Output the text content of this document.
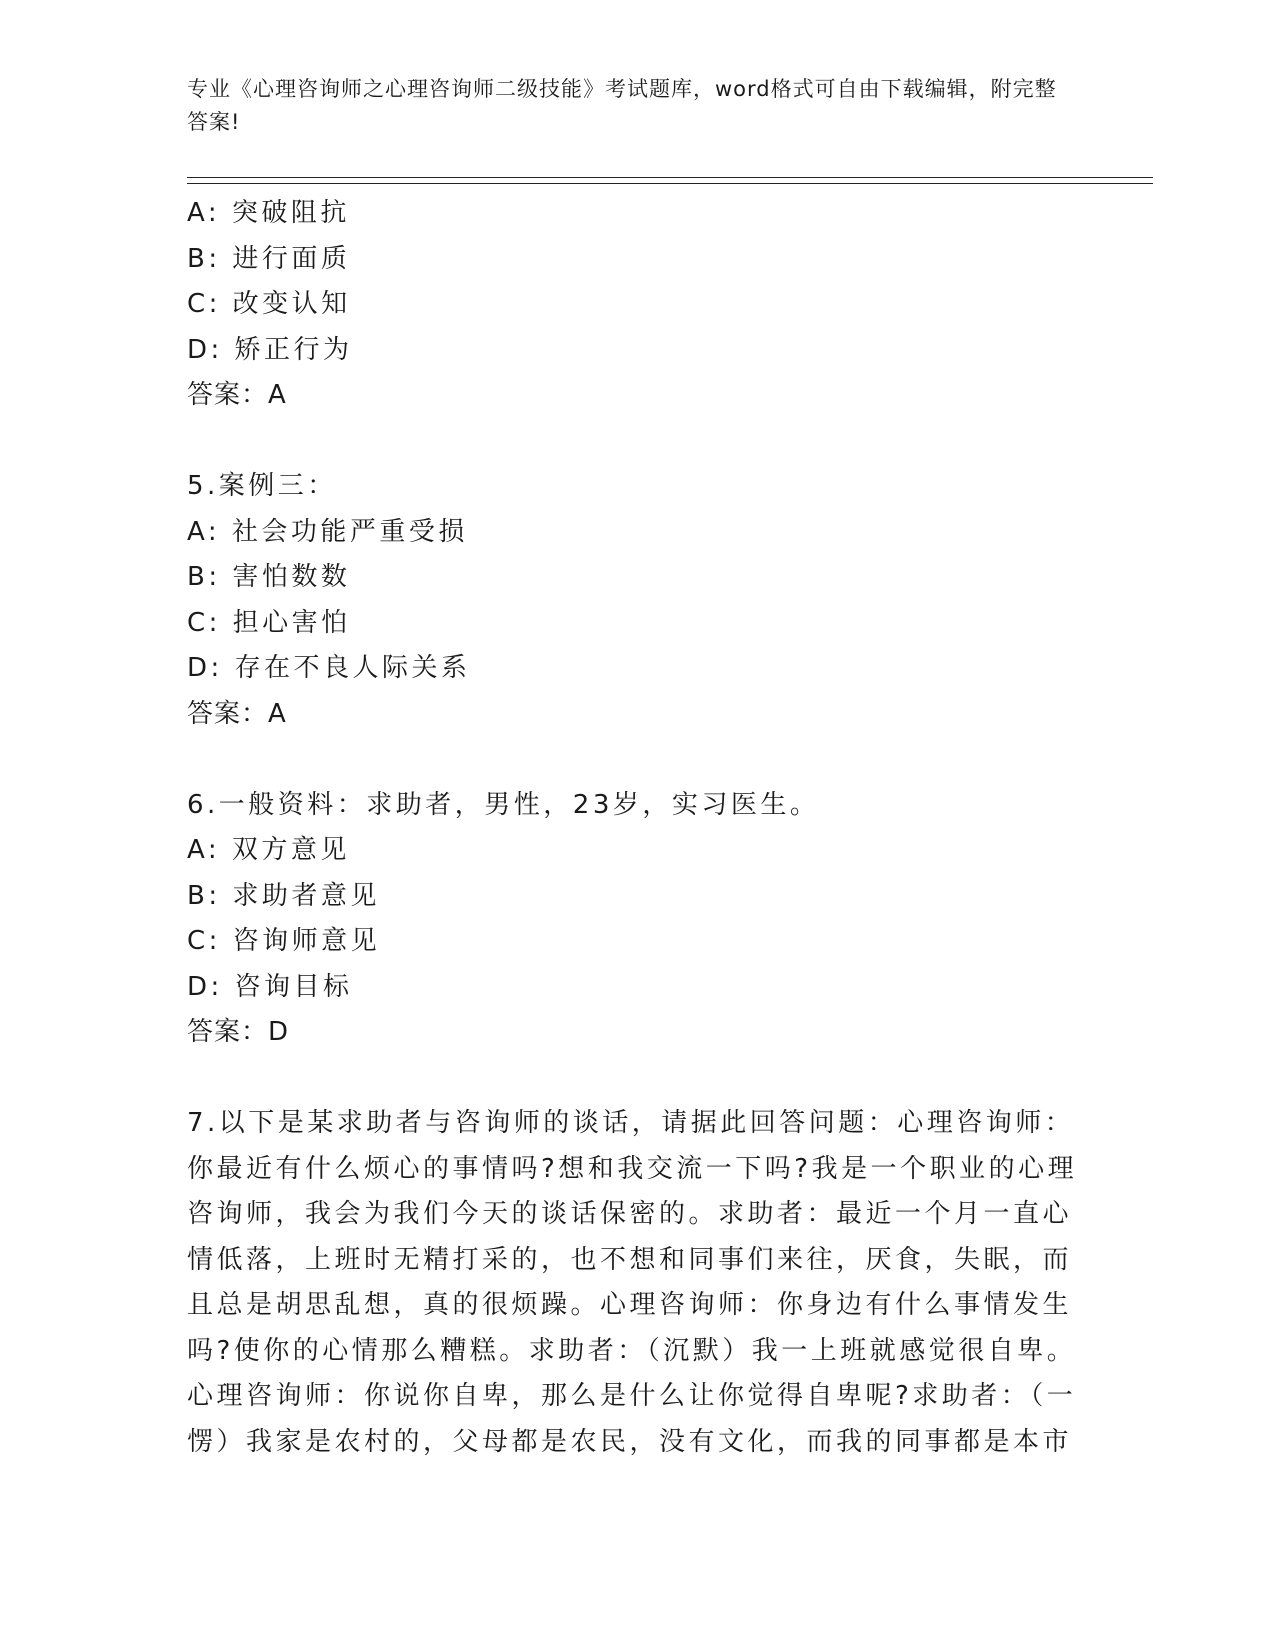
专业《心理咨询师之心理咨询师二级技能》考试题库，word格式可自由下载编辑，附完整答案!
A: 突破阻抗
B: 进行面质
C: 改变认知
D: 矫正行为
答案：A
5.案例三：
A: 社会功能严重受损
B: 害怕数数
C: 担心害怕
D: 存在不良人际关系
答案：A
6.一般资料：求助者，男性，23岁，实习医生。
A: 双方意见
B: 求助者意见
C: 咨询师意见
D: 咨询目标
答案：D
7.以下是某求助者与咨询师的谈话，请据此回答问题：心理咨询师：
你最近有什么烦心的事情吗?想和我交流一下吗?我是一个职业的心理
咨询师，我会为我们今天的谈话保密的。求助者：最近一个月一直心
情低落，上班时无精打采的，也不想和同事们来往，厌食，失眠，而
且总是胡思乱想，真的很烦躁。心理咨询师：你身边有什么事情发生
吗?使你的心情那么糟糕。求助者：（沉默）我一上班就感觉很自卑。
心理咨询师：你说你自卑，那么是什么让你觉得自卑呢?求助者：（一
愣）我家是农村的，父母都是农民，没有文化，而我的同事都是本市
